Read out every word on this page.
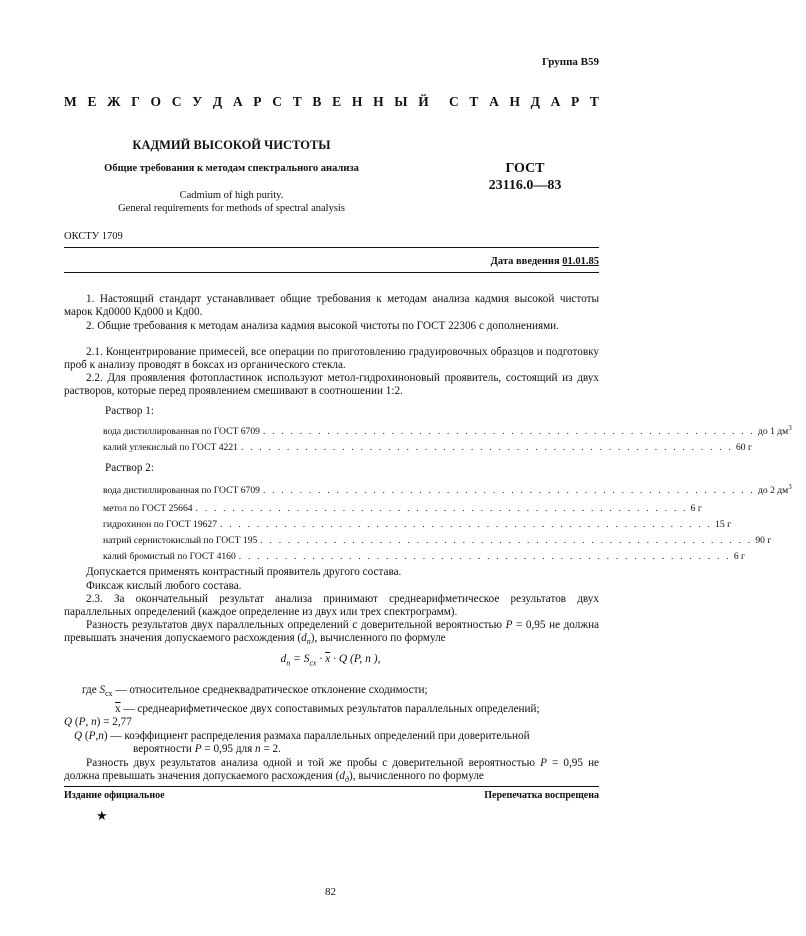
Группа В59
М Е Ж Г О С У Д А Р С Т В Е Н Н Ы Й С Т А Н Д А Р Т
КАДМИЙ ВЫСОКОЙ ЧИСТОТЫ
Общие требования к методам спектрального анализа	ГОСТ
23116.0—83
Cadmium of high purity.
General requirements for methods of spectral analysis
ОКСТУ 1709
Дата введения 01.01.85
1. Настоящий стандарт устанавливает общие требования к методам анализа кадмия высокой чистоты марок Кд0000 Кд000 и Кд00.
2. Общие требования к методам анализа кадмия высокой чистоты по ГОСТ 22306 с дополнениями.
2.1. Концентрирование примесей, все операции по приготовлению градуировочных образцов и подготовку проб к анализу проводят в боксах из органического стекла.
2.2. Для проявления фотопластинок используют метол-гидрохиноновый проявитель, состоящий из двух растворов, которые перед проявлением смешивают в соотношении 1:2.
Раствор 1:
вода дистиллированная по ГОСТ 6709 . . . . . . . . . . . . . . . . . . . . . . . . . . . . . . . . . . . . . . . . . . . . . . . . . . . . . . до 1 $дм^3$
калий углекислый по ГОСТ 4221 . . . . . . . . . . . . . . . . . . . . . . . . . . . . . . . . . . . . . . . . . . . . . . . . . . . . . . 60 г
Раствор 2:
вода дистиллированная по ГОСТ 6709 . . . . . . . . . . . . . . . . . . . . . . . . . . . . . . . . . . . . . . . . . . . . . . . . . . . . . . до 2 $дм^3$
метол по ГОСТ 25664 . . . . . . . . . . . . . . . . . . . . . . . . . . . . . . . . . . . . . . . . . . . . . . . . . . . . . . 6 г
гидрохинон по ГОСТ 19627 . . . . . . . . . . . . . . . . . . . . . . . . . . . . . . . . . . . . . . . . . . . . . . . . . . . . . . 15 г
натрий сернистокислый по ГОСТ 195 . . . . . . . . . . . . . . . . . . . . . . . . . . . . . . . . . . . . . . . . . . . . . . . . . . . . . . 90 г
калий бромистый по ГОСТ 4160 . . . . . . . . . . . . . . . . . . . . . . . . . . . . . . . . . . . . . . . . . . . . . . . . . . . . . . 6 г
Допускается применять контрастный проявитель другого состава.
Фиксаж кислый любого состава.
2.3. За окончательный результат анализа принимают среднеарифметическое результатов двух параллельных определений (каждое определение из двух или трех спектрограмм).
Разность результатов двух параллельных определений с доверительной вероятностью P = 0,95 не должна превышать значения допускаемого расхождения $(d_п)$, вычисленного по формуле
$d_п = S_{сх} \cdot \overline{x} \cdot Q$ (P, n ),
где $S_{сх}$ — относительное среднеквадратическое отклонение сходимости;
$\overline{x}$ — среднеарифметическое двух сопоставимых результатов параллельных определений;
Q (P, n) = 2,77
Q (P,n) — коэффициент распределения размаха параллельных определений при доверительной
вероятности P = 0,95 для n = 2.
Разность двух результатов анализа одной и той же пробы с доверительной вероятностью P = 0,95 не должна превышать значения допускаемого расхождения $(d_д)$, вычисленного по формуле
Издание официальное	Перепечатка воспрещена
★
82
